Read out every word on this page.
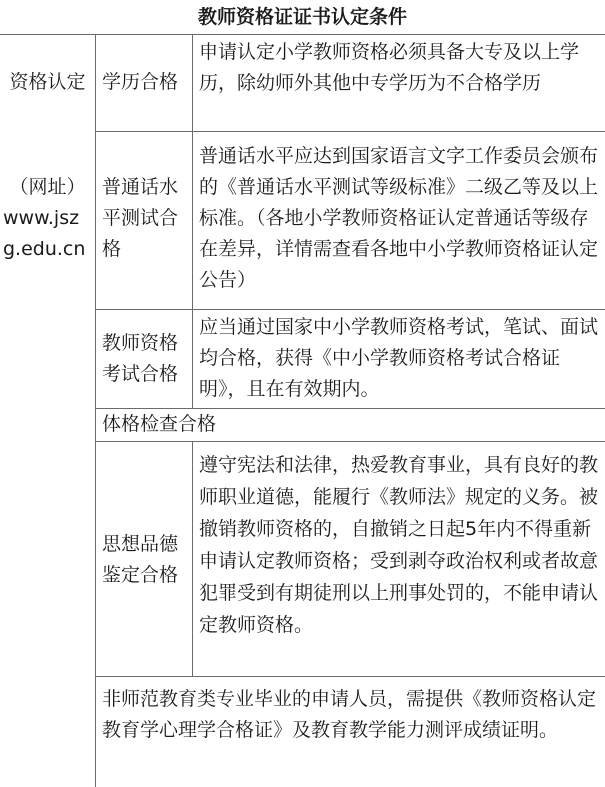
教师资格证证书认定条件
资格认定
（网址）
www.jszg.edu.cn
学历合格
申请认定小学教师资格必须具备大专及以上学历，除幼师外其他中专学历为不合格学历
普通话水平测试合格
普通话水平应达到国家语言文字工作委员会颁布的《普通话水平测试等级标准》二级乙等及以上标准。（各地小学教师资格证认定普通话等级存在差异，详情需查看各地中小学教师资格证认定公告）
教师资格考试合格
应当通过国家中小学教师资格考试，笔试、面试均合格，获得《中小学教师资格考试合格证明》，且在有效期内。
体格检查合格
思想品德鉴定合格
遵守宪法和法律，热爱教育事业，具有良好的教师职业道德，能履行《教师法》规定的义务。被撤销教师资格的，自撤销之日起5年内不得重新申请认定教师资格；受到剥夺政治权利或者故意犯罪受到有期徒刑以上刑事处罚的，不能申请认定教师资格。
非师范教育类专业毕业的申请人员，需提供《教师资格认定教育学心理学合格证》及教育教学能力测评成绩证明。
